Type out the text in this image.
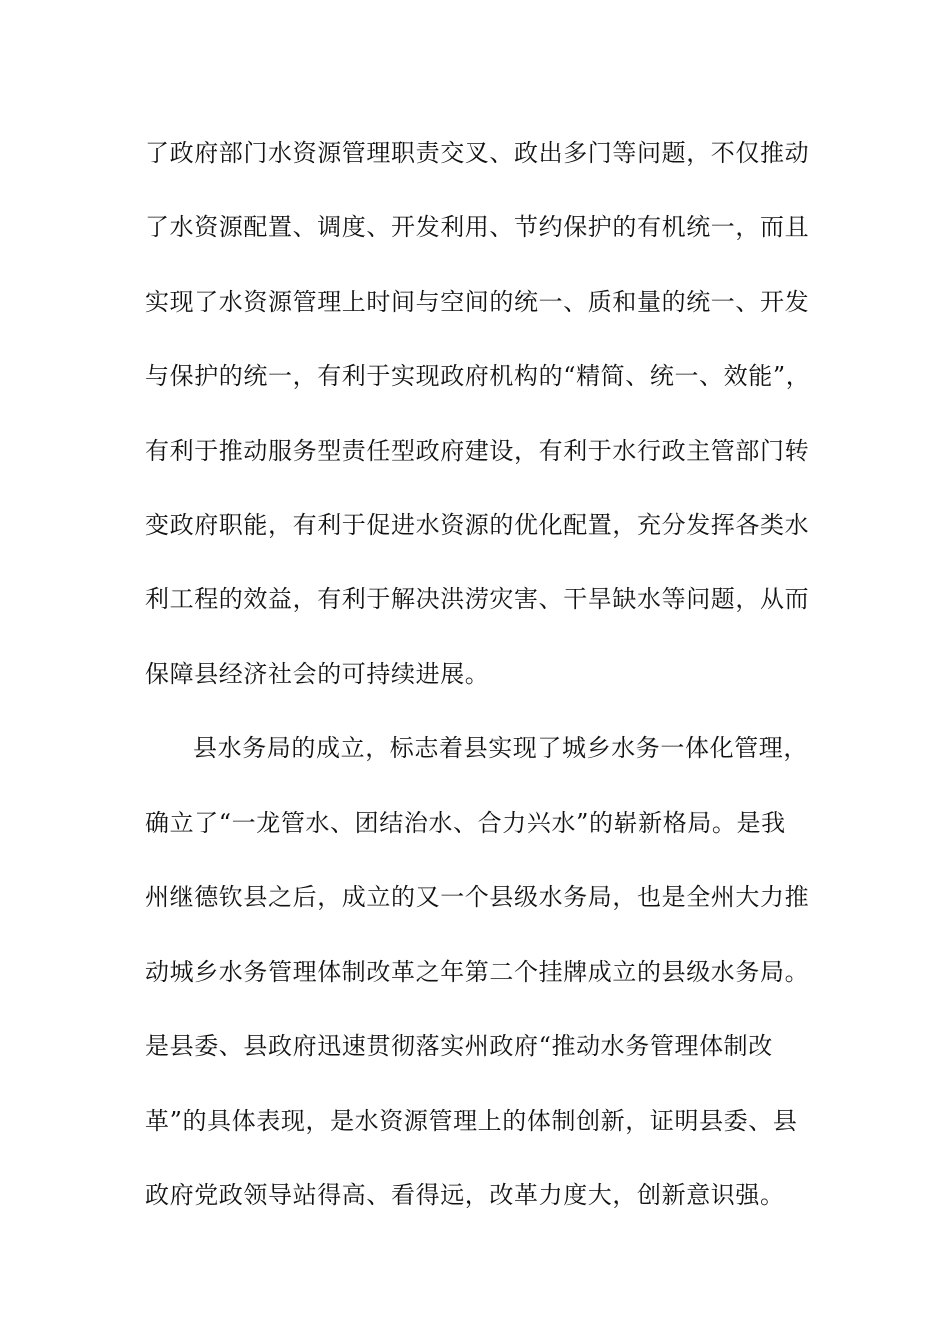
了政府部门水资源管理职责交叉、政出多门等问题，不仅推动
了水资源配置、调度、开发利用、节约保护的有机统一，而且
实现了水资源管理上时间与空间的统一、质和量的统一、开发
与保护的统一，有利于实现政府机构的“精简、统一、效能”，
有利于推动服务型责任型政府建设，有利于水行政主管部门转
变政府职能，有利于促进水资源的优化配置，充分发挥各类水
利工程的效益，有利于解决洪涝灾害、干旱缺水等问题，从而
保障县经济社会的可持续进展。
县水务局的成立，标志着县实现了城乡水务一体化管理，
确立了“一龙管水、团结治水、合力兴水”的崭新格局。是我
州继德钦县之后，成立的又一个县级水务局，也是全州大力推
动城乡水务管理体制改革之年第二个挂牌成立的县级水务局。
是县委、县政府迅速贯彻落实州政府“推动水务管理体制改
革”的具体表现，是水资源管理上的体制创新，证明县委、县
政府党政领导站得高、看得远，改革力度大，创新意识强。
